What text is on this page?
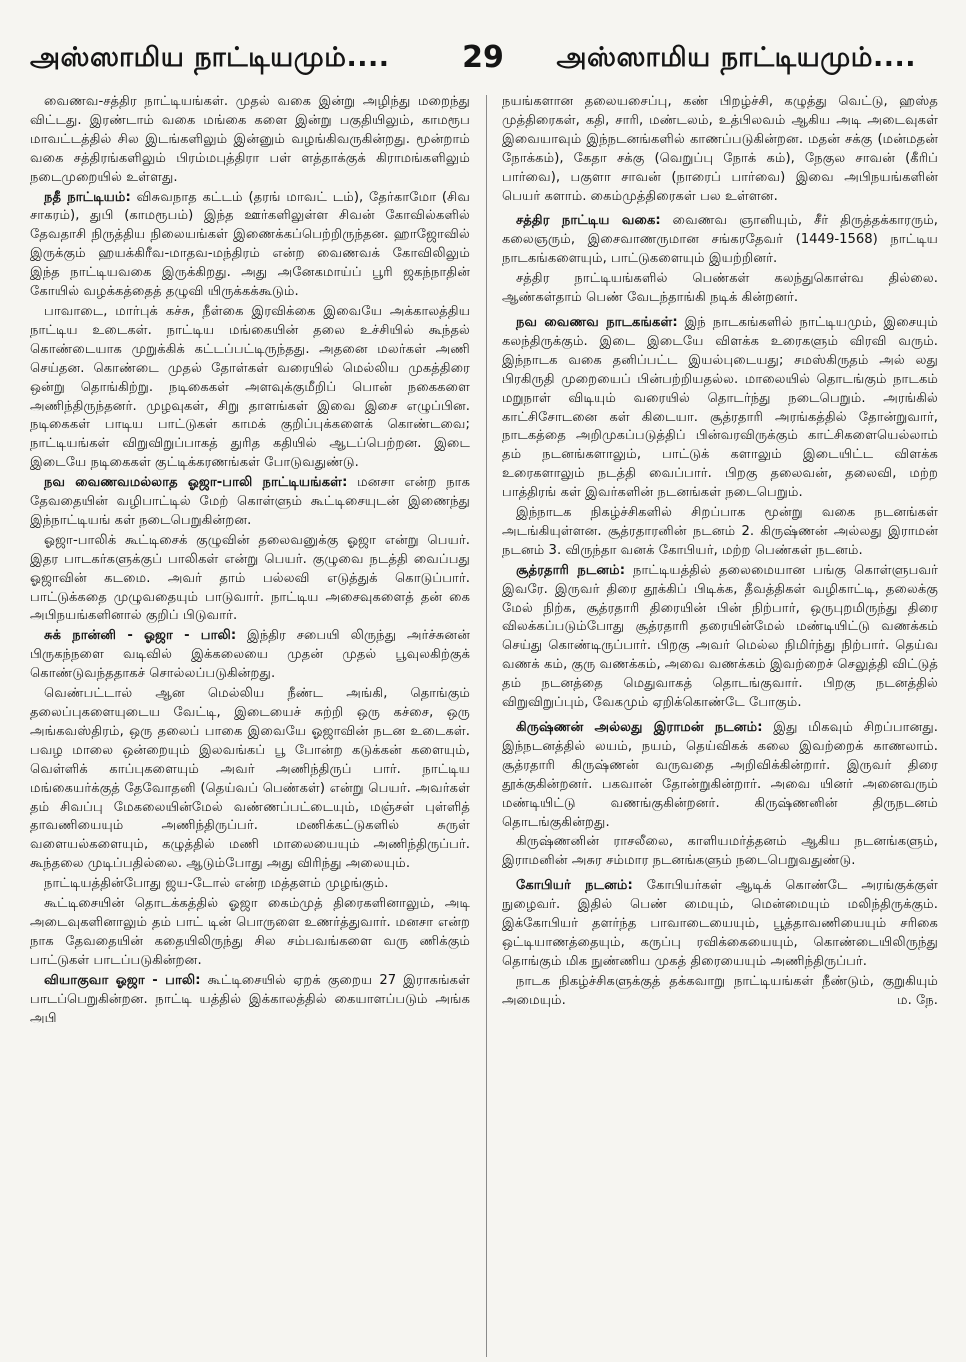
அஸ்ஸாமிய நாட்டியமும்....	29	அஸ்ஸாமிய நாட்டியமும்....

வைணவ-சத்திர நாட்டியங்கள். முதல் வகை இன்று அழிந்து மறைந்து விட்டது. இரண்டாம் வகை மங்கை களை இன்று பகுதியிலும், காமரூப மாவட்டத்தில் சில இடங்களிலும் இன்னும் வழங்கிவருகின்றது. மூன்றாம் வகை சத்திரங்களிலும் பிரம்மபுத்திரா பள் ளத்தாக்குக் கிராமங்களிலும் நடைமுறையில் உள்ளது.

நதீ நாட்டியம்: விசுவநாத கட்டம் (தரங் மாவட் டம்), தேர்காமோ (சிவ சாகரம்), துபி (காமரூபம்) இந்த ஊர்களிலுள்ள சிவன் கோவில்களில் தேவதாசி நிருத்திய நிலையங்கள் இணைக்கப்பெற்றிருந்தன. ஹாஜோவில் இருக்கும் ஹயக்கிரீவ-மாதவ-மந்திரம் என்ற வைணவக் கோவிலிலும் இந்த நாட்டியவகை இருக்கிறது. அது அனேகமாய்ப் பூரி ஜகந்நாதின் கோயில் வழக்கத்தைத் தழுவி யிருக்கக்கூடும்.

பாவாடை, மார்புக் கச்சு, நீள்கை இரவிக்கை இவையே அக்காலத்திய நாட்டிய உடைகள். நாட்டிய மங்கையின் தலை உச்சியில் கூந்தல் கொண்டையாக முறுக்கிக் கட்டப்பட்டிருந்தது. அதனை மலர்கள் அணி செய்தன. கொண்டை முதல் தோள்கள் வரையில் மெல்லிய முகத்திரை ஒன்று தொங்கிற்று. நடிகைகள் அளவுக்குமீறிப் பொன் நகைகளை அணிந்திருந்தனர். முழவுகள், சிறு தாளங்கள் இவை இசை எழுப்பின. நடிகைகள் பாடிய பாட்டுகள் காமக் குறிப்புக்களைக் கொண்டவை; நாட்டியங்கள் விறுவிறுப்பாகத் துரித கதியில் ஆடப்பெற்றன. இடை இடையே நடிகைகள் குட்டிக்கரணங்கள் போடுவதுண்டு.

நவ வைணவமல்லாத ஓஜா-பாலி நாட்டியங்கள்: மனசா என்ற நாக தேவதையின் வழிபாட்டில் மேற் கொள்ளும் கூட்டிசையுடன் இணைந்து இந்நாட்டியங் கள் நடைபெறுகின்றன.

ஓஜா-பாலிக் கூட்டிசைக் குழுவின் தலைவனுக்கு ஓஜா என்று பெயர். இதர பாடகர்களுக்குப் பாலிகள் என்று பெயர். குழுவை நடத்தி வைப்பது ஓஜாவின் கடமை. அவர் தாம் பல்லவி எடுத்துக் கொடுப்பார். பாட்டுக்கதை முழுவதையும் பாடுவார். நாட்டிய அசைவுகளைத் தன் கை அபிநயங்களினால் குறிப் பிடுவார்.

சுக் நான்னி - ஓஜா - பாலி: இந்திர சபையி லிருந்து அர்ச்சுனன் பிருகந்நளை வடிவில் இக்கலையை முதன் முதல் பூவுலகிற்குக் கொண்டுவந்ததாகச் சொல்லப்படுகின்றது.

வெண்பட்டால் ஆன மெல்லிய நீண்ட அங்கி, தொங்கும் தலைப்புகளையுடைய வேட்டி, இடையைச் சுற்றி ஒரு கச்சை, ஒரு அங்கவஸ்திரம், ஒரு தலைப் பாகை இவையே ஓஜாவின் நடன உடைகள். பவழ மாலை ஒன்றையும் இலவங்கப் பூ போன்ற கடுக்கன் களையும், வெள்ளிக் காப்புகளையும் அவர் அணிந்திருப் பார். நாட்டிய மங்கையர்க்குத் தேவோதனி (தெய்வப் பெண்கள்) என்று பெயர். அவர்கள் தம் சிவப்பு மேகலையின்மேல் வண்ணப்பட்டையும், மஞ்சள் புள்ளித் தாவணியையும் அணிந்திருப்பர். மணிக்கட்டுகளில் சுருள் வளையல்களையும், கழுத்தில் மணி மாலையையும் அணிந்திருப்பர். கூந்தலை முடிப்பதில்லை. ஆடும்போது அது விரிந்து அலையும்.

நாட்டியத்தின்போது ஜய-டோல் என்ற மத்தளம் முழங்கும்.

கூட்டிசையின் தொடக்கத்தில் ஓஜா கைம்முத் திரைகளினாலும், அடி அடைவுகளினாலும் தம் பாட் டின் பொருளை உணர்த்துவார். மனசா என்ற நாக தேவதையின் கதையிலிருந்து சில சம்பவங்களை வரு ணிக்கும் பாட்டுகள் பாடப்படுகின்றன.

வியாகுவா ஓஜா - பாலி: கூட்டிசையில் ஏறக் குறைய 27 இராகங்கள் பாடப்பெறுகின்றன. நாட்டி யத்தில் இக்காலத்தில் கையாளப்படும் அங்க அபி

நயங்களான தலையசைப்பு, கண் பிறழ்ச்சி, கழுத்து வெட்டு, ஹஸ்த முத்திரைகள், கதி, சாரி, மண்டலம், உத்பிலவம் ஆகிய அடி அடைவுகள் இவையாவும் இந்நடனங்களில் காணப்படுகின்றன. மதன் சக்கு (மன்மதன் நோக்கம்), கேதா சக்கு (வெறுப்பு நோக் கம்), நேகுல சாவன் (கீரிப் பார்வை), பகுளா சாவன் (நாரைப் பார்வை) இவை அபிநயங்களின் பெயர் களாம். கைம்முத்திரைகள் பல உள்ளன.

சத்திர நாட்டிய வகை: வைணவ ஞானியும், சீர் திருத்தக்காரரும், கலைஞரும், இசைவாணருமான சங்கரதேவர் (1449-1568) நாட்டிய நாடகங்களையும், பாட்டுகளையும் இயற்றினர்.

சத்திர நாட்டியங்களில் பெண்கள் கலந்துகொள்வ தில்லை. ஆண்கள்தாம் பெண் வேடந்தாங்கி நடிக் கின்றனர்.

நவ வைணவ நாடகங்கள்: இந் நாடகங்களில் நாட்டியமும், இசையும் கலந்திருக்கும். இடை இடையே விளக்க உரைகளும் விரவி வரும். இந்நாடக வகை தனிப்பட்ட இயல்புடையது; சமஸ்கிருதம் அல் லது பிரகிருதி முறையைப் பின்பற்றியதல்ல. மாலையில் தொடங்கும் நாடகம் மறுநாள் விடியும் வரையில் தொடர்ந்து நடைபெறும். அரங்கில் காட்சிசோடனை கள் கிடையா. சூத்ரதாரி அரங்கத்தில் தோன்றுவார், நாடகத்தை அறிமுகப்படுத்திப் பின்வரவிருக்கும் காட்சிகளையெல்லாம் தம் நடனங்களாலும், பாட்டுக் களாலும் இடையிட்ட விளக்க உரைகளாலும் நடத்தி வைப்பார். பிறகு தலைவன், தலைவி, மற்ற பாத்திரங் கள் இவர்களின் நடனங்கள் நடைபெறும்.

இந்நாடக நிகழ்ச்சிகளில் சிறப்பாக மூன்று வகை நடனங்கள் அடங்கியுள்ளன. சூத்ரதாரனின் நடனம் 2. கிருஷ்ணன் அல்லது இராமன் நடனம் 3. விருந்தா வனக் கோபியர், மற்ற பெண்கள் நடனம்.

சூத்ரதாரி நடனம்: நாட்டியத்தில் தலைமையான பங்கு கொள்ளுபவர் இவரே. இருவர் திரை தூக்கிப் பிடிக்க, தீவத்திகள் வழிகாட்டி, தலைக்கு மேல் நிற்க, சூத்ரதாரி திரையின் பின் நிற்பார், ஒருபுறமிருந்து திரை விலக்கப்படும்போது சூத்ரதாரி தரையின்மேல் மண்டியிட்டு வணக்கம் செய்து கொண்டிருப்பார். பிறகு அவர் மெல்ல நிமிர்ந்து நிற்பார். தெய்வ வணக் கம், குரு வணக்கம், அவை வணக்கம் இவற்றைச் செலுத்தி விட்டுத் தம் நடனத்தை மெதுவாகத் தொடங்குவார். பிறகு நடனத்தில் விறுவிறுப்பும், வேகமும் ஏறிக்கொண்டே போகும்.

கிருஷ்ணன் அல்லது இராமன் நடனம்: இது மிகவும் சிறப்பானது. இந்நடனத்தில் லயம், நயம், தெய்விகக் கலை இவற்றைக் காணலாம். சூத்ரதாரி கிருஷ்ணன் வருவதை அறிவிக்கின்றார். இருவர் திரை தூக்குகின்றனர். பகவான் தோன்றுகின்றார். அவை யினர் அனைவரும் மண்டியிட்டு வணங்குகின்றனர். கிருஷ்ணனின் திருநடனம் தொடங்குகின்றது.

கிருஷ்ணனின் ராசலீலை, காளியமர்த்தனம் ஆகிய நடனங்களும், இராமனின் அசுர சம்மார நடனங்களும் நடைபெறுவதுண்டு.

கோபியர் நடனம்: கோபியர்கள் ஆடிக் கொண்டே அரங்குக்குள் நுழைவர். இதில் பெண் மையும், மென்மையும் மலிந்திருக்கும். இக்கோபியர் தளர்ந்த பாவாடையையும், பூத்தாவணியையும் சரிகை ஒட்டியாணத்தையும், கருப்பு ரவிக்கையையும், கொண்டையிலிருந்து தொங்கும் மிக நுண்ணிய முகத் திரையையும் அணிந்திருப்பர்.

நாடக நிகழ்ச்சிகளுக்குத் தக்கவாறு நாட்டியங்கள் நீண்டும், குறுகியும் அமையும்.	ம. நே.
